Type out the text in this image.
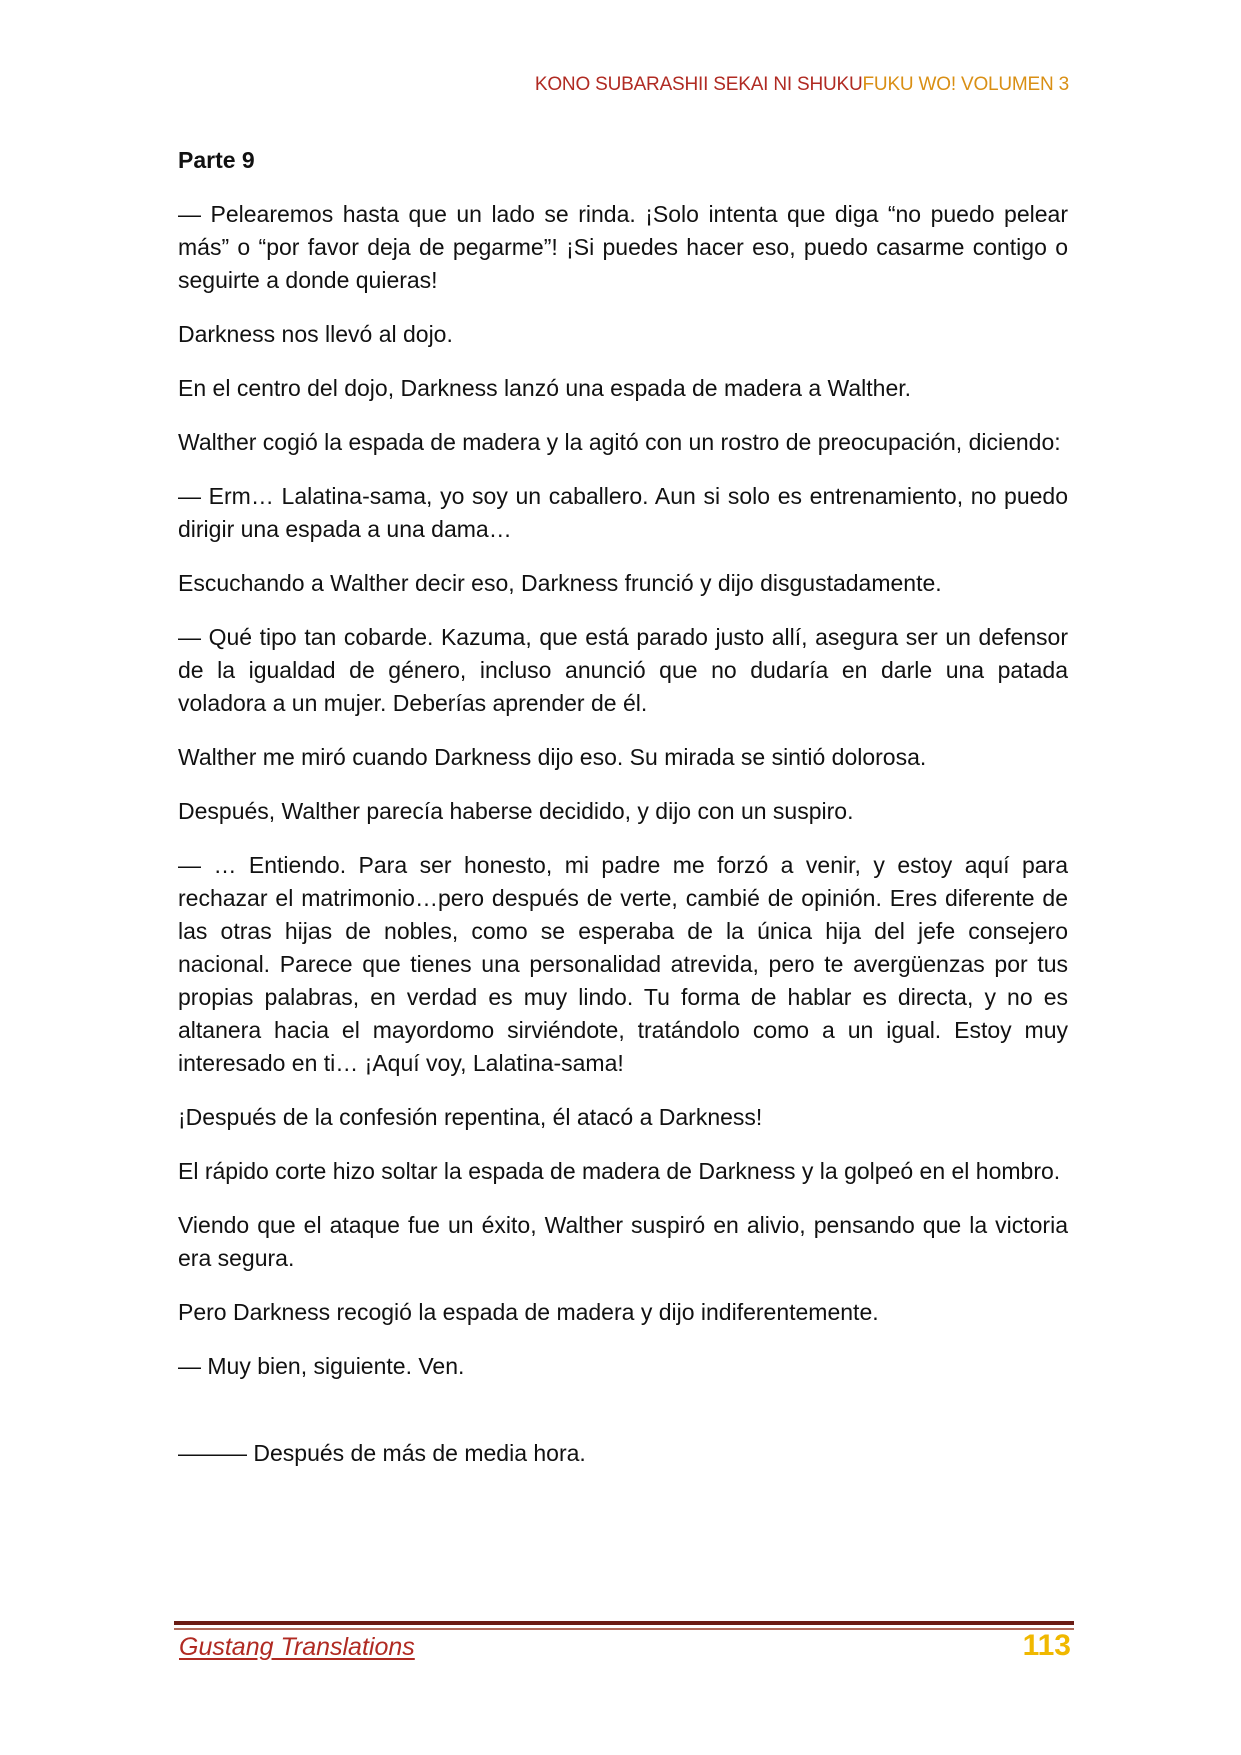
KONO SUBARASHII SEKAI NI SHUKUFUKU WO! VOLUMEN 3
Parte 9

— Pelearemos hasta que un lado se rinda. ¡Solo intenta que diga “no puedo pelear más” o “por favor deja de pegarme”! ¡Si puedes hacer eso, puedo casarme contigo o seguirte a donde quieras!

Darkness nos llevó al dojo.

En el centro del dojo, Darkness lanzó una espada de madera a Walther.

Walther cogió la espada de madera y la agitó con un rostro de preocupación, diciendo:

— Erm… Lalatina-sama, yo soy un caballero. Aun si solo es entrenamiento, no puedo dirigir una espada a una dama…

Escuchando a Walther decir eso, Darkness frunció y dijo disgustadamente.

— Qué tipo tan cobarde. Kazuma, que está parado justo allí, asegura ser un defensor de la igualdad de género, incluso anunció que no dudaría en darle una patada voladora a un mujer. Deberías aprender de él.

Walther me miró cuando Darkness dijo eso. Su mirada se sintió dolorosa.

Después, Walther parecía haberse decidido, y dijo con un suspiro.

— … Entiendo. Para ser honesto, mi padre me forzó a venir, y estoy aquí para rechazar el matrimonio…pero después de verte, cambié de opinión. Eres diferente de las otras hijas de nobles, como se esperaba de la única hija del jefe consejero nacional. Parece que tienes una personalidad atrevida, pero te avergüenzas por tus propias palabras, en verdad es muy lindo. Tu forma de hablar es directa, y no es altanera hacia el mayordomo sirviéndote, tratándolo como a un igual. Estoy muy interesado en ti… ¡Aquí voy, Lalatina-sama!

¡Después de la confesión repentina, él atacó a Darkness!

El rápido corte hizo soltar la espada de madera de Darkness y la golpeó en el hombro.

Viendo que el ataque fue un éxito, Walther suspiró en alivio, pensando que la victoria era segura.

Pero Darkness recogió la espada de madera y dijo indiferentemente.

— Muy bien, siguiente. Ven.

——— Después de más de media hora.

Gustang Translations	113
